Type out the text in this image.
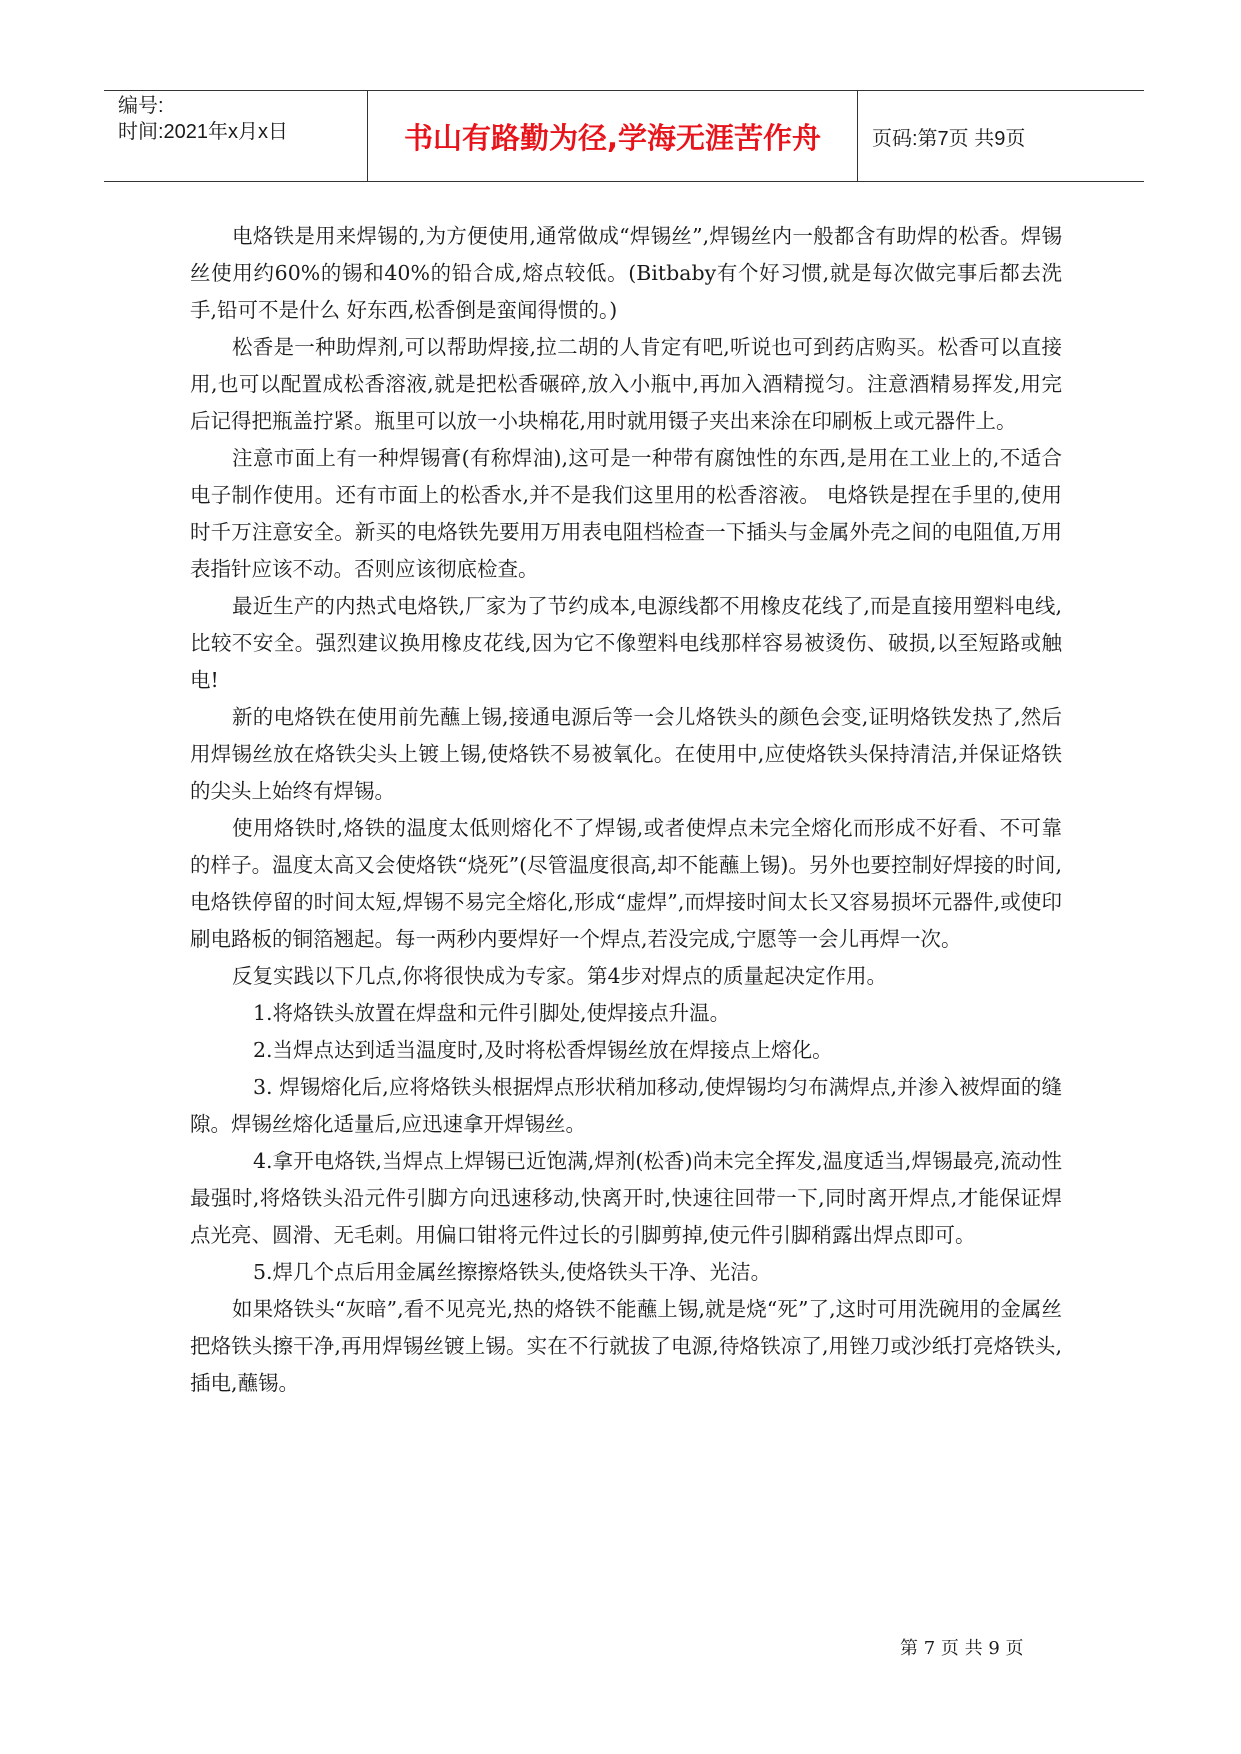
编号:
时间:2021年x月x日	书山有路勤为径,学海无涯苦作舟	页码:第7页 共9页

电烙铁是用来焊锡的,为方便使用,通常做成“焊锡丝”,焊锡丝内一般都含有助焊的松香。焊锡丝使用约60%的锡和40%的铅合成,熔点较低。(Bitbaby有个好习惯,就是每次做完事后都去洗手,铅可不是什么 好东西,松香倒是蛮闻得惯的。)

松香是一种助焊剂,可以帮助焊接,拉二胡的人肯定有吧,听说也可到药店购买。松香可以直接用,也可以配置成松香溶液,就是把松香碾碎,放入小瓶中,再加入酒精搅匀。注意酒精易挥发,用完后记得把瓶盖拧紧。瓶里可以放一小块棉花,用时就用镊子夹出来涂在印刷板上或元器件上。

注意市面上有一种焊锡膏(有称焊油),这可是一种带有腐蚀性的东西,是用在工业上的,不适合电子制作使用。还有市面上的松香水,并不是我们这里用的松香溶液。 电烙铁是捏在手里的,使用时千万注意安全。新买的电烙铁先要用万用表电阻档检查一下插头与金属外壳之间的电阻值,万用表指针应该不动。否则应该彻底检查。

最近生产的内热式电烙铁,厂家为了节约成本,电源线都不用橡皮花线了,而是直接用塑料电线,比较不安全。强烈建议换用橡皮花线,因为它不像塑料电线那样容易被烫伤、破损,以至短路或触电!

新的电烙铁在使用前先蘸上锡,接通电源后等一会儿烙铁头的颜色会变,证明烙铁发热了,然后用焊锡丝放在烙铁尖头上镀上锡,使烙铁不易被氧化。在使用中,应使烙铁头保持清洁,并保证烙铁的尖头上始终有焊锡。

使用烙铁时,烙铁的温度太低则熔化不了焊锡,或者使焊点未完全熔化而形成不好看、不可靠的样子。温度太高又会使烙铁“烧死”(尽管温度很高,却不能蘸上锡)。另外也要控制好焊接的时间,电烙铁停留的时间太短,焊锡不易完全熔化,形成“虚焊”,而焊接时间太长又容易损坏元器件,或使印刷电路板的铜箔翘起。每一两秒内要焊好一个焊点,若没完成,宁愿等一会儿再焊一次。

反复实践以下几点,你将很快成为专家。第4步对焊点的质量起决定作用。

1.将烙铁头放置在焊盘和元件引脚处,使焊接点升温。

2.当焊点达到适当温度时,及时将松香焊锡丝放在焊接点上熔化。

3. 焊锡熔化后,应将烙铁头根据焊点形状稍加移动,使焊锡均匀布满焊点,并渗入被焊面的缝隙。焊锡丝熔化适量后,应迅速拿开焊锡丝。

4.拿开电烙铁,当焊点上焊锡已近饱满,焊剂(松香)尚未完全挥发,温度适当,焊锡最亮,流动性最强时,将烙铁头沿元件引脚方向迅速移动,快离开时,快速往回带一下,同时离开焊点,才能保证焊点光亮、圆滑、无毛刺。用偏口钳将元件过长的引脚剪掉,使元件引脚稍露出焊点即可。

5.焊几个点后用金属丝擦擦烙铁头,使烙铁头干净、光洁。

如果烙铁头“灰暗”,看不见亮光,热的烙铁不能蘸上锡,就是烧“死”了,这时可用洗碗用的金属丝把烙铁头擦干净,再用焊锡丝镀上锡。实在不行就拔了电源,待烙铁凉了,用锉刀或沙纸打亮烙铁头,插电,蘸锡。

第 7 页 共 9 页
